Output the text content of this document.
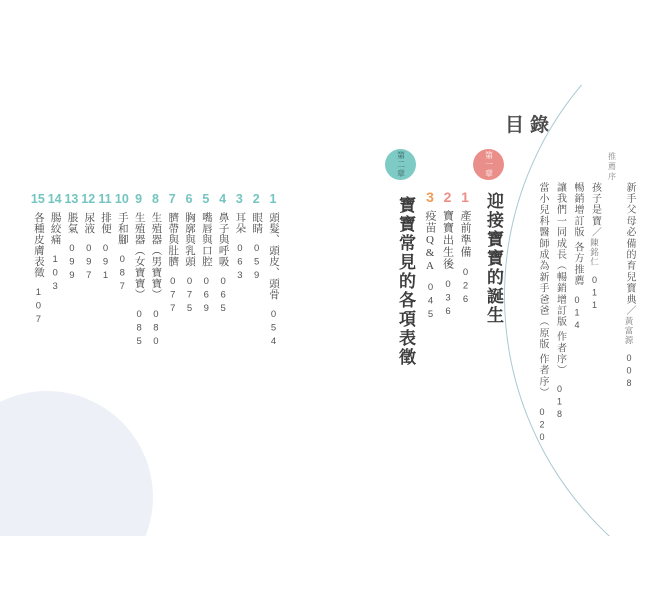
目錄
新手父母必備的育兒寶典／黃富源008
推薦序
孩子是寶／陳銘仁011
暢銷增訂版 各方推薦014
讓我們一同成長（暢銷增訂版 作者序）018
當小兒科醫師成為新手爸爸（原版 作者序）020
第一章
迎接寶寶的誕生
1產前準備026
2寶寶出生後036
3疫苗Q&A045
第二章
寶寶常見的各項表徵
1頭髮、頭皮、頭骨054
2眼睛059
3耳朵063
4鼻子與呼吸065
5嘴唇與口腔069
6胸廓與乳頭075
7臍帶與肚臍077
8生殖器（男寶寶）080
9生殖器（女寶寶）085
10手和腳087
11排便091
12尿液097
13脹氣099
14腸絞痛103
15各種皮膚表徵107
